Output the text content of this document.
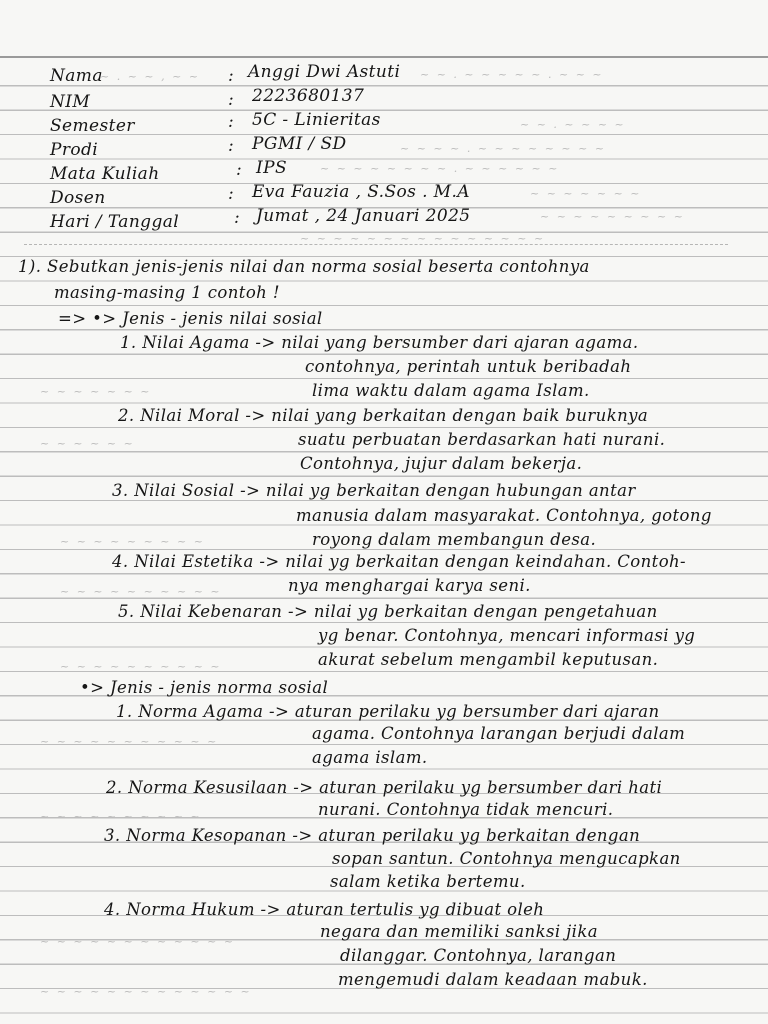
~ . ~ ~ , ~ ~	~ ~ . ~ ~ ~ ~ ~ . ~ ~ ~
~ ~ . ~ ~ ~ ~
~ ~ ~ ~ . ~ ~ ~ ~ ~ ~ ~ ~
~ ~ ~ ~ ~ ~ ~ ~ . ~ ~ ~ ~ ~ ~
~ ~ ~ ~ ~ ~ ~
~ ~ ~ ~ ~ ~ ~ ~ ~
~ ~ ~ ~ ~ ~ ~ ~ ~ ~ ~ ~ ~ ~ ~
~ ~ ~ ~ ~ ~ ~
~ ~ ~ ~ ~ ~
~ ~ ~ ~ ~ ~ ~ ~ ~
~ ~ ~ ~ ~ ~ ~ ~ ~ ~
~ ~ ~ ~ ~ ~ ~ ~ ~ ~
~ ~ ~ ~ ~ ~ ~ ~ ~ ~ ~
~ ~ ~ ~ ~ ~ ~ ~ ~ ~
~ ~ ~ ~ ~ ~ ~ ~ ~ ~ ~ ~
~ ~ ~ ~ ~ ~ ~ ~ ~ ~ ~ ~ ~
Nama	: Anggi Dwi Astuti
NIM	: 2223680137
Semester	: 5C - Linieritas
Prodi	: PGMI / SD
Mata Kuliah	: IPS
Dosen	: Eva Fauzia , S.Sos . M.A
Hari / Tanggal	: Jumat , 24 Januari 2025
1). Sebutkan jenis-jenis nilai dan norma sosial beserta contohnya
masing-masing 1 contoh !
=> •> Jenis - jenis nilai sosial
1. Nilai Agama -> nilai yang bersumber dari ajaran agama.
contohnya, perintah untuk beribadah
lima waktu dalam agama Islam.
2. Nilai Moral -> nilai yang berkaitan dengan baik buruknya
suatu perbuatan berdasarkan hati nurani.
Contohnya, jujur dalam bekerja.
3. Nilai Sosial -> nilai yg berkaitan dengan hubungan antar
manusia dalam masyarakat. Contohnya, gotong
royong dalam membangun desa.
4. Nilai Estetika -> nilai yg berkaitan dengan keindahan. Contoh-
nya menghargai karya seni.
5. Nilai Kebenaran -> nilai yg berkaitan dengan pengetahuan
yg benar. Contohnya, mencari informasi yg
akurat sebelum mengambil keputusan.
•> Jenis - jenis norma sosial
1. Norma Agama -> aturan perilaku yg bersumber dari ajaran
agama. Contohnya larangan berjudi dalam
agama islam.
2. Norma Kesusilaan -> aturan perilaku yg bersumber dari hati
nurani. Contohnya tidak mencuri.
3. Norma Kesopanan -> aturan perilaku yg berkaitan dengan
sopan santun. Contohnya mengucapkan
salam ketika bertemu.
4. Norma Hukum -> aturan tertulis yg dibuat oleh
negara dan memiliki sanksi jika
dilanggar. Contohnya, larangan
mengemudi dalam keadaan mabuk.
